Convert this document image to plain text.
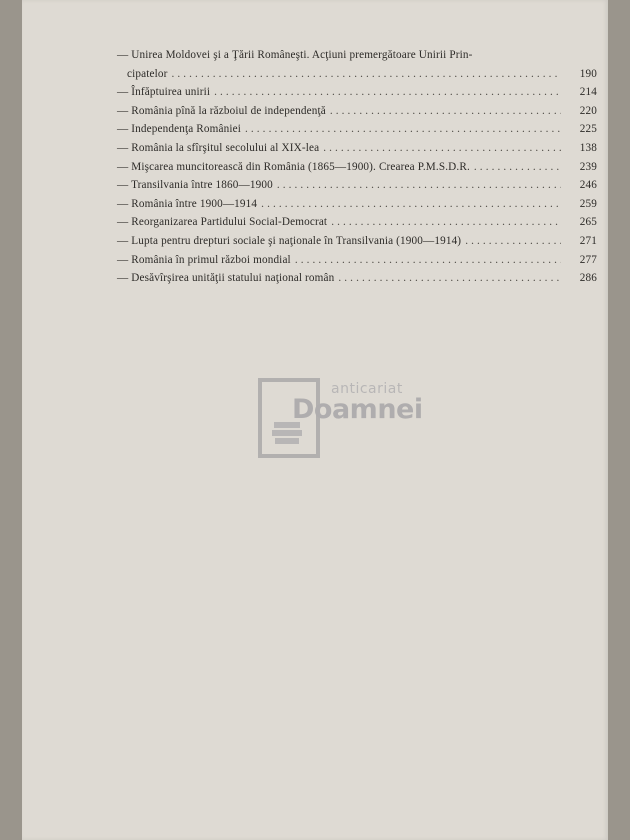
— Unirea Moldovei şi a Ţării Româneşti. Acţiuni premergătoare Unirii Prin-
cipatelor . . .	190
— Înfăptuirea unirii . . .	214
— România pînă la războiul de independenţă . . .	220
— Independenţa României . . .	225
— România la sfîrşitul secolului al XIX-lea . . .	138
— Mişcarea muncitorească din România (1865—1900). Crearea P.M.S.D.R. . . .	239
— Transilvania între 1860—1900 . . .	246
— România între 1900—1914 . . .	259
— Reorganizarea Partidului Social-Democrat . . .	265
— Lupta pentru drepturi sociale şi naţionale în Transilvania (1900—1914) . . .	271
— România în primul război mondial . . .	277
— Desăvîrşirea unităţii statului naţional român . . .	286
anticariat
Doamnei
